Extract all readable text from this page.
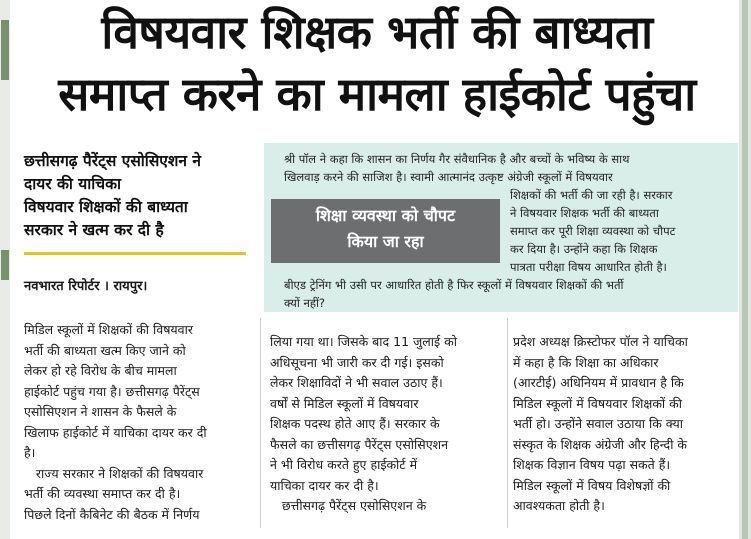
विषयवार शिक्षक भर्ती की बाध्यता
समाप्त करने का मामला हाईकोर्ट पहुंचा
छत्तीसगढ़ पैरेंट्स एसोसिएशन ने
दायर की याचिका
विषयवार शिक्षकों की बाध्यता
सरकार ने खत्म कर दी है
नवभारत रिपोर्टर । रायपुर।
श्री पॉल ने कहा कि शासन का निर्णय गैर संवैधानिक है और बच्चों के भविष्य के साथ
खिलवाड़ करने की साजिश है। स्वामी आत्मानंद उत्कृष्ट अंग्रेजी स्कूलों में विषयवार
शिक्षकों की भर्ती की जा रही है। सरकार
ने विषयवार शिक्षक भर्ती की बाध्यता
समाप्त कर पूरी शिक्षा व्यवस्था को चौपट
कर दिया है। उन्होंने कहा कि शिक्षक
पात्रता परीक्षा विषय आधारित होती है।
बीएड ट्रेनिंग भी उसी पर आधारित होती है फिर स्कूलों में विषयवार शिक्षकों की भर्ती
क्यों नहीं?
शिक्षा व्यवस्था को चौपट
किया जा रहा
मिडिल स्कूलों में शिक्षकों की विषयवार
भर्ती की बाध्यता खत्म किए जाने को
लेकर हो रहे विरोध के बीच मामला
हाईकोर्ट पहुंच गया है। छत्तीसगढ़ पैरेंट्स
एसोसिएशन ने शासन के फैसले के
खिलाफ हाईकोर्ट में याचिका दायर कर दी
है।
राज्य सरकार ने शिक्षकों की विषयवार
भर्ती की व्यवस्था समाप्त कर दी है।
पिछले दिनों कैबिनेट की बैठक में निर्णय
लिया गया था। जिसके बाद 11 जुलाई को
अधिसूचना भी जारी कर दी गई। इसको
लेकर शिक्षाविदों ने भी सवाल उठाए हैं।
वर्षों से मिडिल स्कूलों में विषयवार
शिक्षक पदस्थ होते आए हैं। सरकार के
फैसले का छत्तीसगढ़ पैरेंट्स एसोसिएशन
ने भी विरोध करते हुए हाईकोर्ट में
याचिका दायर कर दी है।
छत्तीसगढ़ पैरेंट्स एसोसिएशन के
प्रदेश अध्यक्ष क्रिस्टोफर पॉल ने याचिका
में कहा है कि शिक्षा का अधिकार
(आरटीई) अधिनियम में प्रावधान है कि
मिडिल स्कूलों में विषयवार शिक्षकों की
भर्ती हो। उन्होंने सवाल उठाया कि क्या
संस्कृत के शिक्षक अंग्रेजी और हिन्दी के
शिक्षक विज्ञान विषय पढ़ा सकते हैं।
मिडिल स्कूलों में विषय विशेषज्ञों की
आवश्यकता होती है।
